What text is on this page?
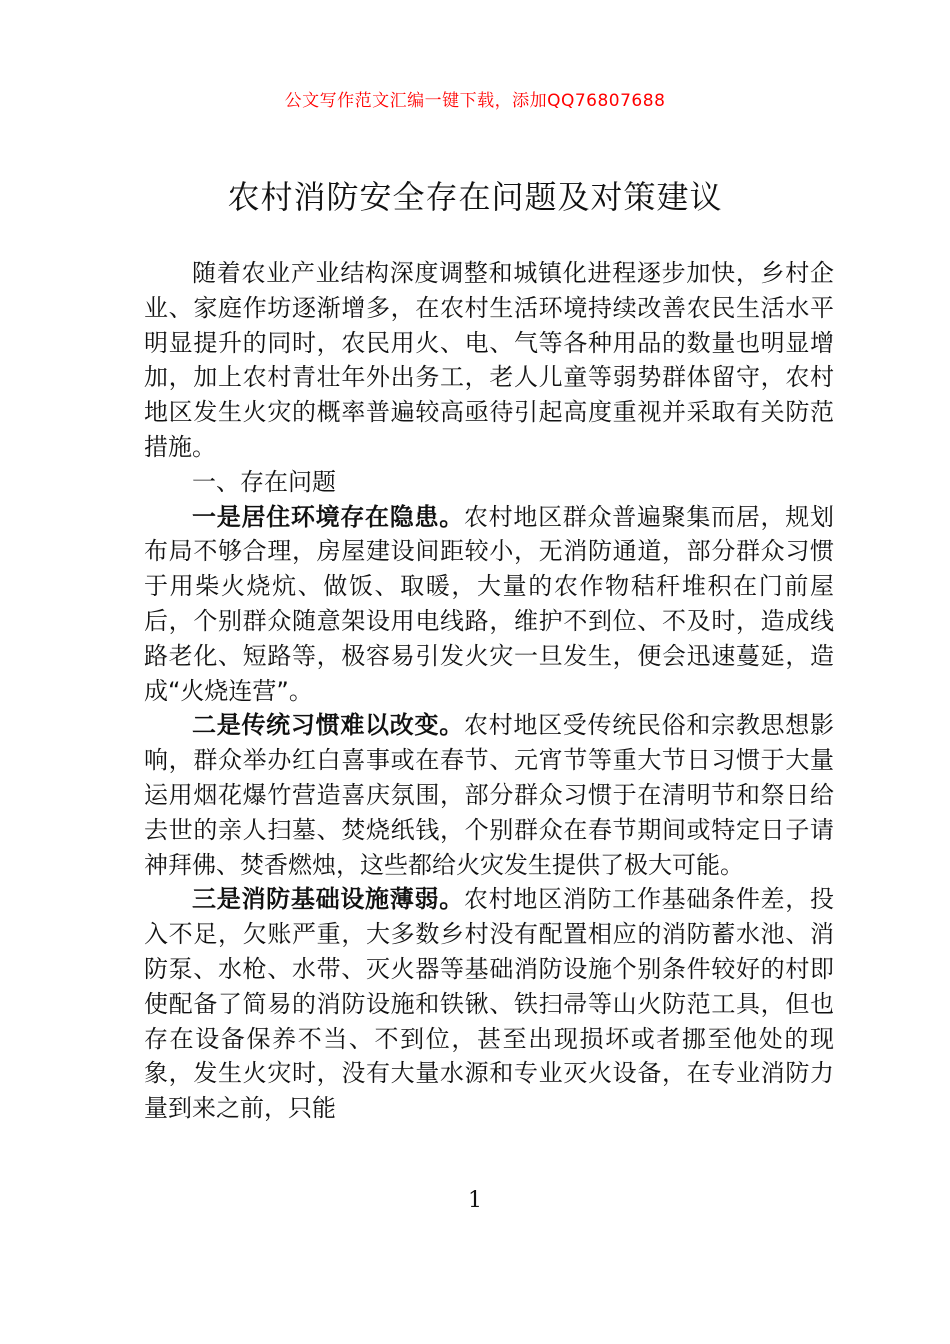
公文写作范文汇编一键下载，添加QQ76807688
农村消防安全存在问题及对策建议

随着农业产业结构深度调整和城镇化进程逐步加快，乡村企业、家庭作坊逐渐增多，在农村生活环境持续改善农民生活水平明显提升的同时，农民用火、电、气等各种用品的数量也明显增加，加上农村青壮年外出务工，老人儿童等弱势群体留守，农村地区发生火灾的概率普遍较高亟待引起高度重视并采取有关防范措施。

一、存在问题

一是居住环境存在隐患。农村地区群众普遍聚集而居，规划布局不够合理，房屋建设间距较小，无消防通道，部分群众习惯于用柴火烧炕、做饭、取暖，大量的农作物秸秆堆积在门前屋后，个别群众随意架设用电线路，维护不到位、不及时，造成线路老化、短路等，极容易引发火灾一旦发生，便会迅速蔓延，造成“火烧连营”。

二是传统习惯难以改变。农村地区受传统民俗和宗教思想影响，群众举办红白喜事或在春节、元宵节等重大节日习惯于大量运用烟花爆竹营造喜庆氛围，部分群众习惯于在清明节和祭日给去世的亲人扫墓、焚烧纸钱，个别群众在春节期间或特定日子请神拜佛、焚香燃烛，这些都给火灾发生提供了极大可能。

三是消防基础设施薄弱。农村地区消防工作基础条件差，投入不足，欠账严重，大多数乡村没有配置相应的消防蓄水池、消防泵、水枪、水带、灭火器等基础消防设施个别条件较好的村即使配备了简易的消防设施和铁锹、铁扫帚等山火防范工具，但也存在设备保养不当、不到位，甚至出现损坏或者挪至他处的现象，发生火灾时，没有大量水源和专业灭火设备，在专业消防力量到来之前，只能

1
